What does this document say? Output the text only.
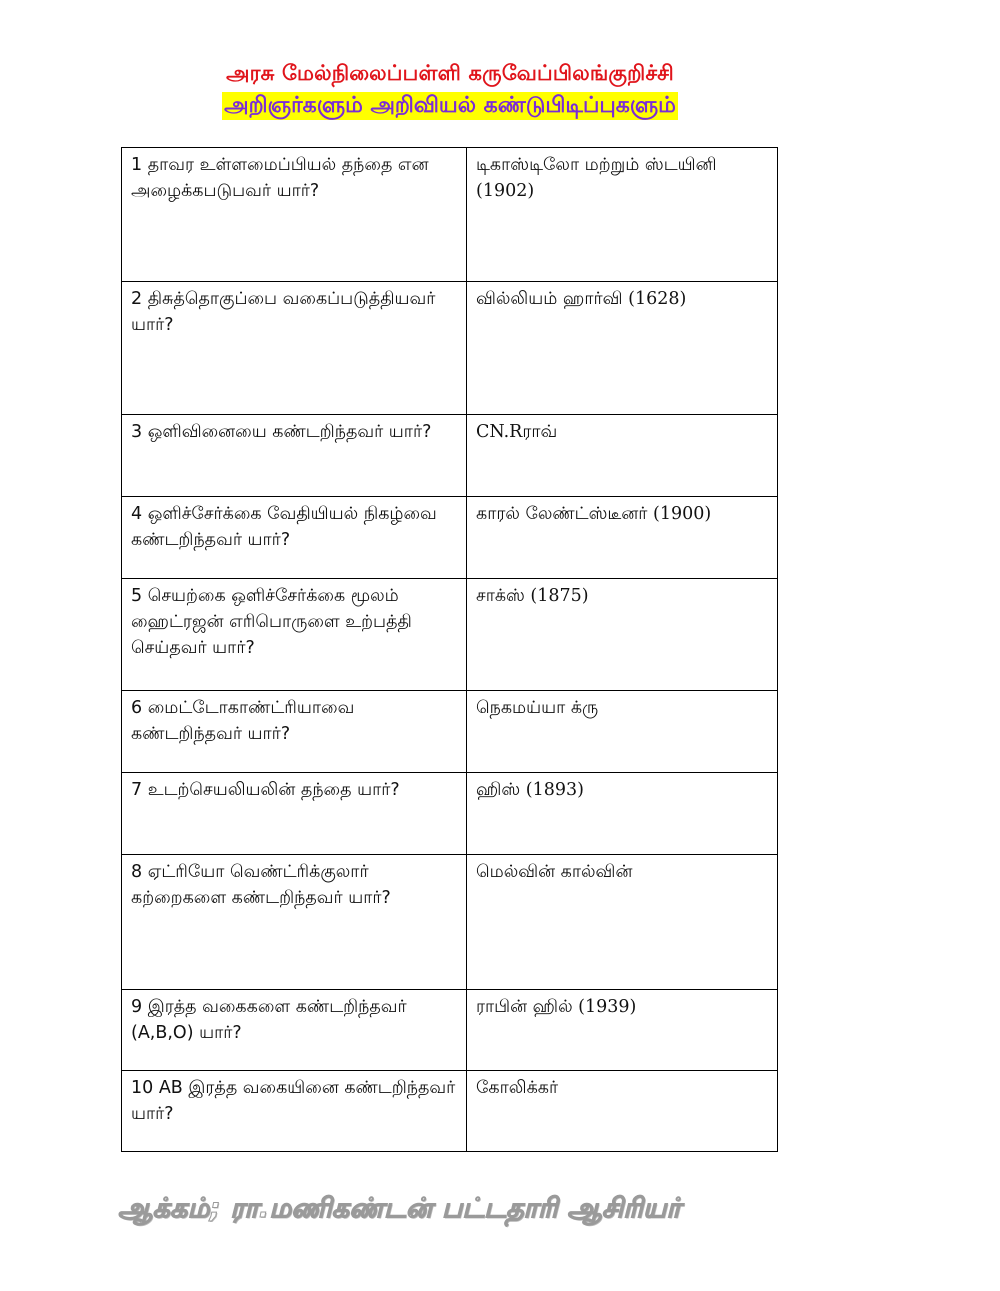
அரசு மேல்நிலைப்பள்ளி கருவேப்பிலங்குறிச்சி
அறிஞர்களும் அறிவியல் கண்டுபிடிப்புகளும்
1 தாவர உள்ளமைப்பியல் தந்தை என அழைக்கபடுபவர் யார்?	டிகாஸ்டிலோ மற்றும் ஸ்டயினி (1902)
2 திசுத்தொகுப்பை வகைப்படுத்தியவர் யார்?	வில்லியம் ஹார்வி (1628)
3 ஒளிவினையை கண்டறிந்தவர் யார்?	CN.Rராவ்
4 ஒளிச்சேர்க்கை வேதியியல் நிகழ்வை கண்டறிந்தவர் யார்?	காரல் லேண்ட்ஸ்டீனர் (1900)
5 செயற்கை ஒளிச்சேர்க்கை மூலம் ஹைட்ரஜன் எரிபொருளை உற்பத்தி செய்தவர் யார்?	சாக்ஸ் (1875)
6 மைட்டோகாண்ட்ரியாவை கண்டறிந்தவர் யார்?	நெகமய்யா க்ரு
7 உடற்செயலியலின் தந்தை யார்?	ஹிஸ் (1893)
8 ஏட்ரியோ வெண்ட்ரிக்குலார் கற்றைகளை கண்டறிந்தவர் யார்?	மெல்வின் கால்வின்
9 இரத்த வகைகளை கண்டறிந்தவர் (A,B,O) யார்?	ராபின் ஹில் (1939)
10 AB இரத்த வகையினை கண்டறிந்தவர் யார்?	கோலிக்கர்
ஆக்கம்; ரா.மணிகண்டன் பட்டதாரி ஆசிரியர்
